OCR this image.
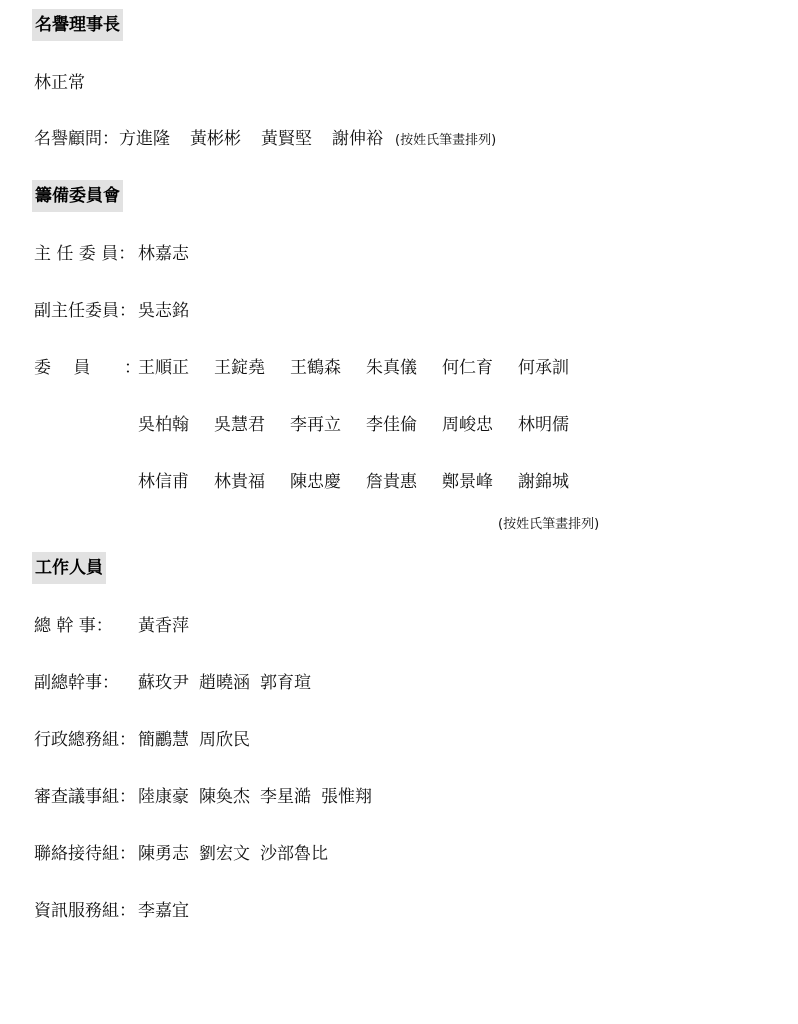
名譽理事長
林正常
名譽顧問：方進隆 黃彬彬 黃賢堅 謝伸裕 (按姓氏筆畫排列)
籌備委員會
主 任 委 員： 林嘉志
副主任委員： 吳志銘
委　 員 ：
王順正 王錠堯 王鶴森 朱真儀 何仁育 何承訓
吳柏翰 吳慧君 李再立 李佳倫 周峻忠 林明儒
林信甫 林貴福 陳忠慶 詹貴惠 鄭景峰 謝錦城
(按姓氏筆畫排列)
工作人員
總 幹 事： 黃香萍
副總幹事： 蘇玫尹 趙曉涵 郭育瑄
行政總務組： 簡鸝慧 周欣民
審查議事組： 陸康豪 陳奐杰 李星澔 張惟翔
聯絡接待組： 陳勇志 劉宏文 沙部魯比
資訊服務組： 李嘉宜
